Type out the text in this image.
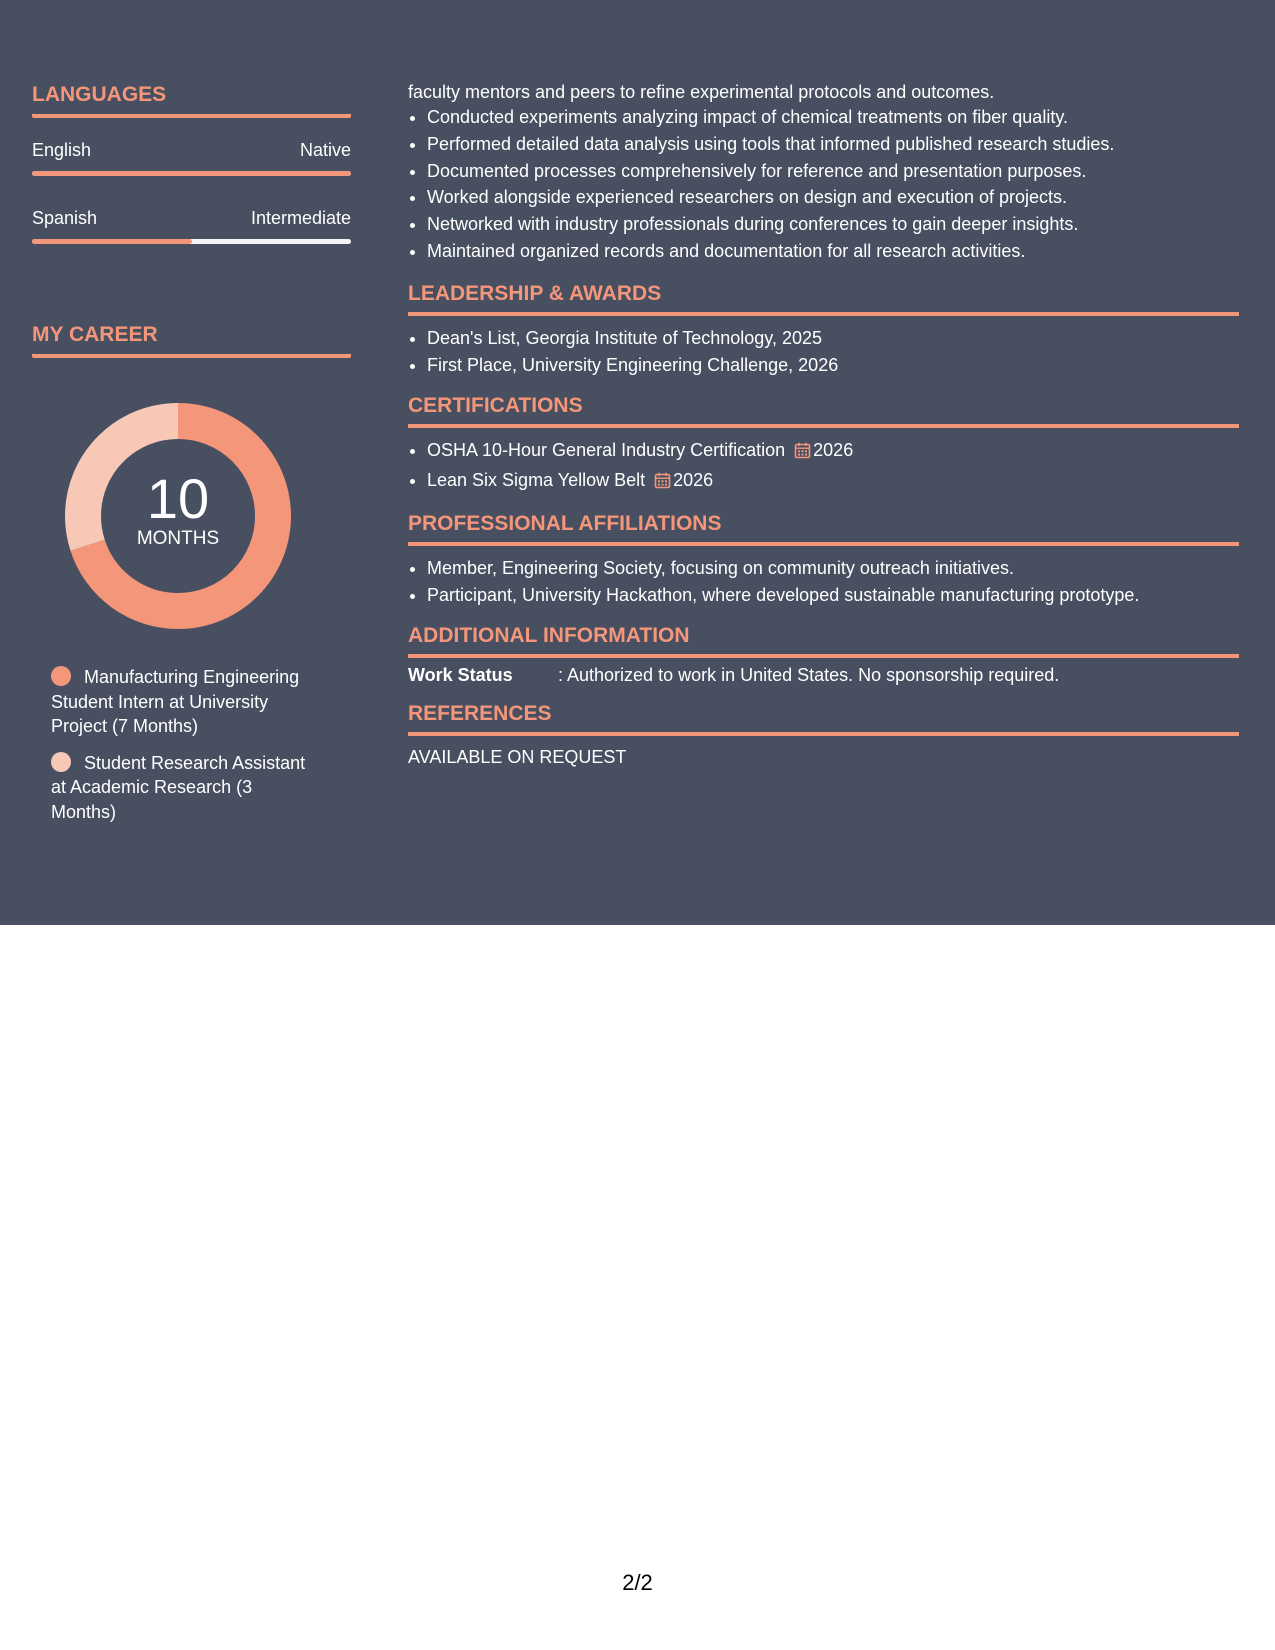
LANGUAGES
English	Native
Spanish	Intermediate
MY CAREER
10
MONTHS
Manufacturing Engineering Student Intern at University Project (7 Months)
Student Research Assistant at Academic Research (3 Months)

faculty mentors and peers to refine experimental protocols and outcomes.

• Conducted experiments analyzing impact of chemical treatments on fiber quality.
• Performed detailed data analysis using tools that informed published research studies.
• Documented processes comprehensively for reference and presentation purposes.
• Worked alongside experienced researchers on design and execution of projects.
• Networked with industry professionals during conferences to gain deeper insights.
• Maintained organized records and documentation for all research activities.
LEADERSHIP & AWARDS
• Dean's List, Georgia Institute of Technology, 2025
• First Place, University Engineering Challenge, 2026
CERTIFICATIONS
• OSHA 10-Hour General Industry Certification 2026
• Lean Six Sigma Yellow Belt 2026
PROFESSIONAL AFFILIATIONS
• Member, Engineering Society, focusing on community outreach initiatives.
• Participant, University Hackathon, where developed sustainable manufacturing prototype.
ADDITIONAL INFORMATION
Work Status	: Authorized to work in United States. No sponsorship required.
REFERENCES
AVAILABLE ON REQUEST
2/2
